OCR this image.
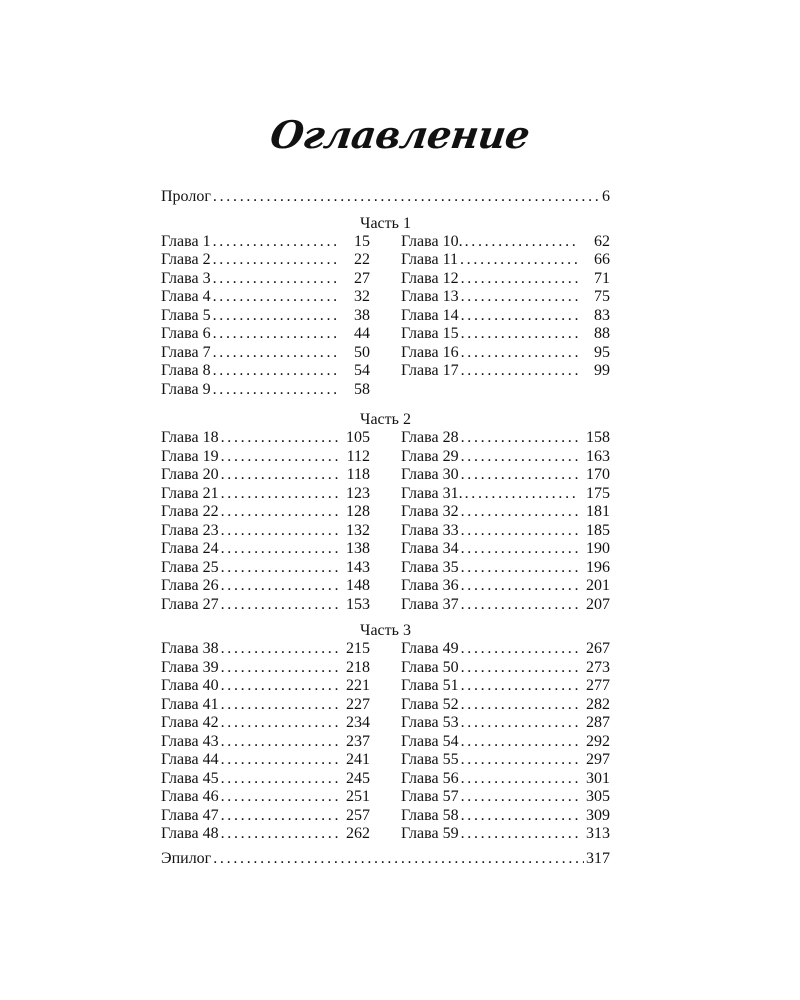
Оглавление
Пролог .....	6
Часть 1
Глава 1 .....	15
Глава 2 .....	22
Глава 3 .....	27
Глава 4 .....	32
Глава 5 .....	38
Глава 6 .....	44
Глава 7 .....	50
Глава 8 .....	54
Глава 9 .....	58
Глава 10. .....	62
Глава 11 .....	66
Глава 12 .....	71
Глава 13 .....	75
Глава 14 .....	83
Глава 15 .....	88
Глава 16 .....	95
Глава 17 .....	99
Часть 2
Глава 18 .....	105
Глава 19 .....	112
Глава 20 .....	118
Глава 21 .....	123
Глава 22 .....	128
Глава 23 .....	132
Глава 24 .....	138
Глава 25 .....	143
Глава 26 .....	148
Глава 27 .....	153
Глава 28 .....	158
Глава 29 .....	163
Глава 30 .....	170
Глава 31. .....	175
Глава 32 .....	181
Глава 33 .....	185
Глава 34 .....	190
Глава 35 .....	196
Глава 36 .....	201
Глава 37 .....	207
Часть 3
Глава 38 .....	215
Глава 39 .....	218
Глава 40 .....	221
Глава 41 .....	227
Глава 42 .....	234
Глава 43 .....	237
Глава 44 .....	241
Глава 45 .....	245
Глава 46 .....	251
Глава 47 .....	257
Глава 48 .....	262
Глава 49 .....	267
Глава 50 .....	273
Глава 51 .....	277
Глава 52 .....	282
Глава 53 .....	287
Глава 54 .....	292
Глава 55 .....	297
Глава 56 .....	301
Глава 57 .....	305
Глава 58 .....	309
Глава 59 .....	313
Эпилог .....	317
